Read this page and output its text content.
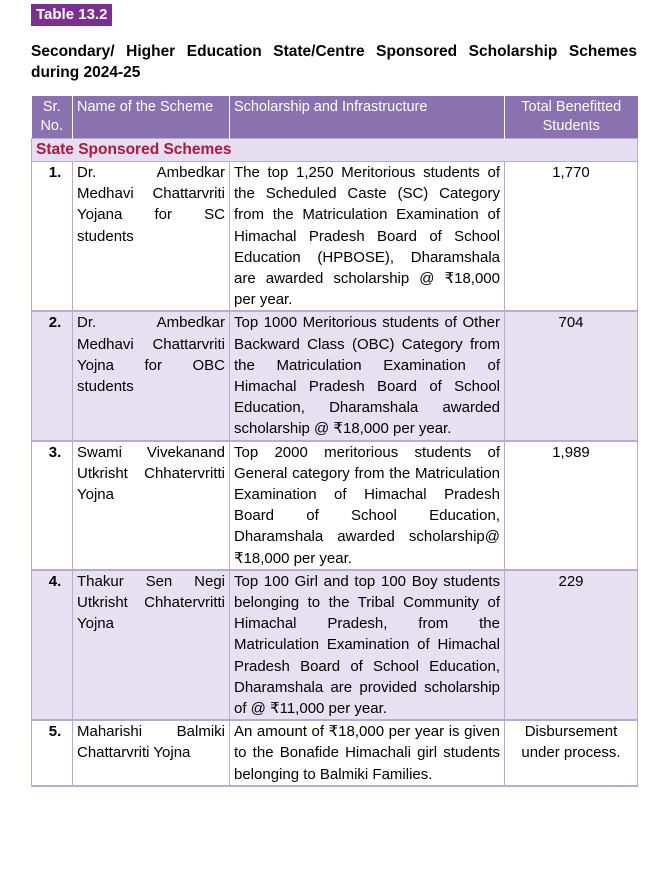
Table 13.2
Secondary/ Higher Education State/Centre Sponsored Scholarship Schemes
during 2024-25
Sr. No.	Name of the Scheme	Scholarship and Infrastructure	Total Benefitted Students
State Sponsored Schemes			
1.	Dr. Ambedkar Medhavi Chattarvriti Yojana for SC students	The top 1,250 Meritorious students of the Scheduled Caste (SC) Category from the Matriculation Examination of Himachal Pradesh Board of School Education (HPBOSE), Dharamshala are awarded scholarship @ ₹18,000 per year.	1,770
2.	Dr. Ambedkar Medhavi Chattarvriti Yojna for OBC students	Top 1000 Meritorious students of Other Backward Class (OBC) Category from the Matriculation Examination of Himachal Pradesh Board of School Education, Dharamshala awarded scholarship @ ₹18,000 per year.	704
3.	Swami Vivekanand Utkrisht Chhatervritti Yojna	Top 2000 meritorious students of General category from the Matriculation Examination of Himachal Pradesh Board of School Education, Dharamshala awarded scholarship@ ₹18,000 per year.	1,989
4.	Thakur Sen Negi Utkrisht Chhatervritti Yojna	Top 100 Girl and top 100 Boy students belonging to the Tribal Community of Himachal Pradesh, from the Matriculation Examination of Himachal Pradesh Board of School Education, Dharamshala are provided scholarship of @ ₹11,000 per year.	229
5.	Maharishi Balmiki Chattarvriti Yojna	An amount of ₹18,000 per year is given to the Bonafide Himachali girl students belonging to Balmiki Families.	Disbursement under process.
